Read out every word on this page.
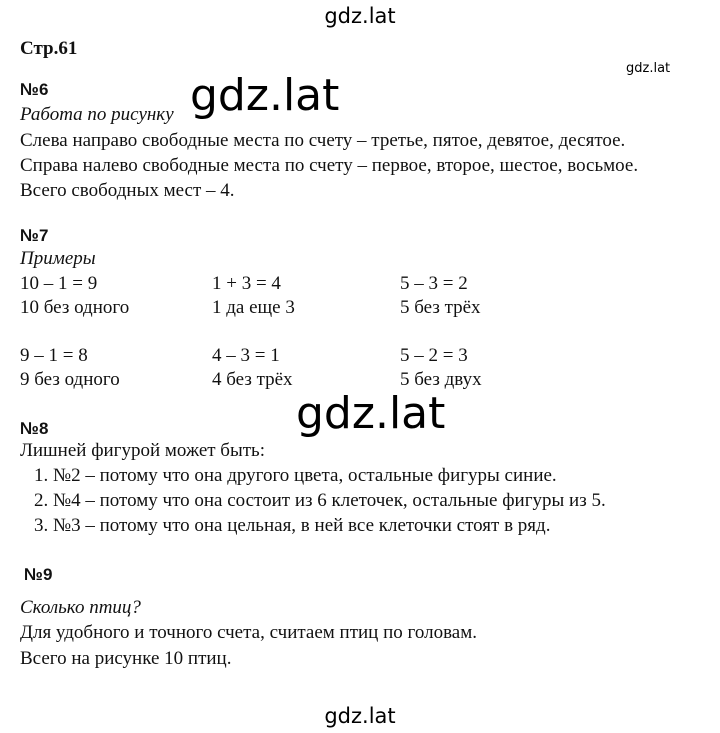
gdz.lat
gdz.lat
Стр.61
№6
Работа по рисунку
Слева направо свободные места по счету – третье, пятое, девятое, десятое.
Справа налево свободные места по счету – первое, второе, шестое, восьмое.
Всего свободных мест – 4.
gdz.lat
№7
Примеры
10 – 1 = 9	1 + 3 = 4	5 – 3 = 2
10 без одного	1 да еще 3	5 без трёх
9 – 1 = 8	4 – 3 = 1	5 – 2 = 3
9 без одного	4 без трёх	5 без двух
gdz.lat
№8
Лишней фигурой может быть:
1. №2 – потому что она другого цвета, остальные фигуры синие.
2. №4 – потому что она состоит из 6 клеточек, остальные фигуры из 5.
3. №3 – потому что она цельная, в ней все клеточки стоят в ряд.
№9
Сколько птиц?
Для удобного и точного счета, считаем птиц по головам.
Всего на рисунке 10 птиц.
gdz.lat
